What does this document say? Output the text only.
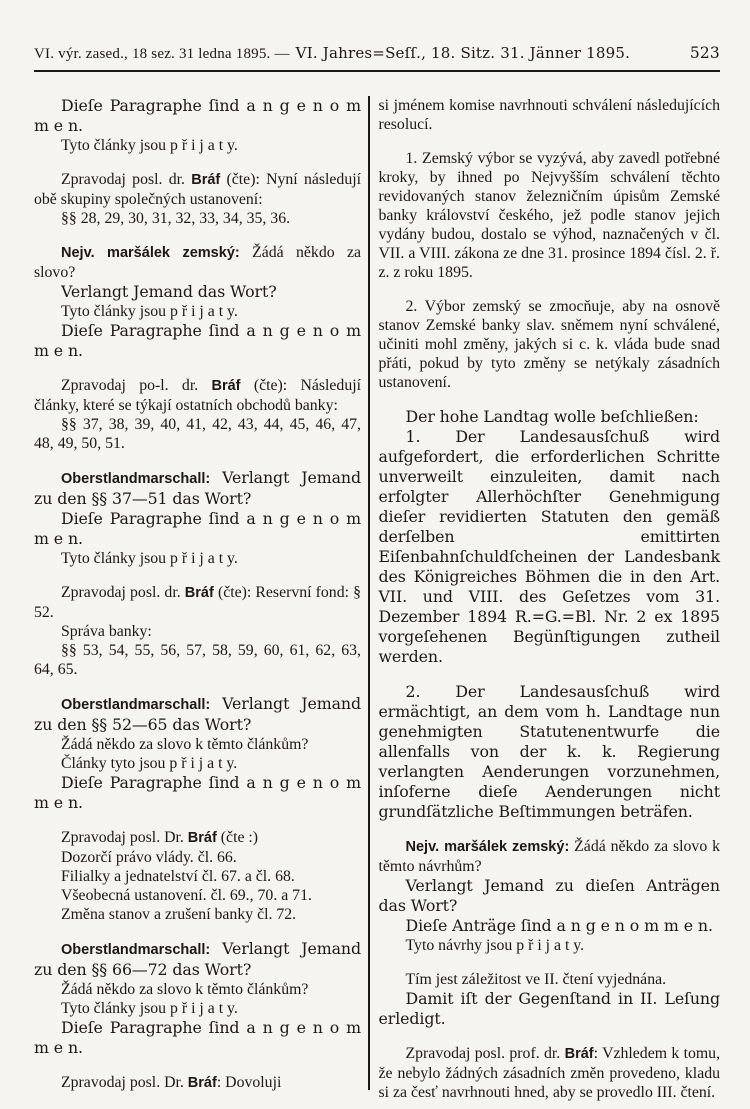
VI. výr. zased., 18 sez. 31 ledna 1895. — VI. Jahres=Seſſ., 18. Sitz. 31. Jänner 1895.	523

Dieſe Paragraphe ſind a n g e n o m m e n.

Tyto články jsou p ř i j a t y.

Zpravodaj posl. dr. Bráf (čte): Nyní následují obě skupiny společných ustanovení:

§§ 28, 29, 30, 31, 32, 33, 34, 35, 36.

Nejv. maršálek zemský: Žádá někdo za slovo?

Verlangt Jemand das Wort?

Tyto články jsou p ř i j a t y.

Dieſe Paragraphe ſind a n g e n o m m e n.

Zpravodaj po-l. dr. Bráf (čte): Následují články, které se týkají ostatních obchodů banky:

§§ 37, 38, 39, 40, 41, 42, 43, 44, 45, 46, 47, 48, 49, 50, 51.

Oberstlandmarschall: Verlangt Jemand zu den §§ 37—51 das Wort?

Dieſe Paragraphe ſind a n g e n o m m e n.

Tyto články jsou p ř i j a t y.

Zpravodaj posl. dr. Bráf (čte): Reservní fond: § 52.

Správa banky:

§§ 53, 54, 55, 56, 57, 58, 59, 60, 61, 62, 63, 64, 65.

Oberstlandmarschall: Verlangt Jemand zu den §§ 52—65 das Wort?

Žádá někdo za slovo k těmto článkům?

Články tyto jsou p ř i j a t y.

Dieſe Paragraphe ſind a n g e n o m m e n.

Zpravodaj posl. Dr. Bráf (čte :)

Dozorčí právo vlády. čl. 66.

Filialky a jednatelství čl. 67. a čl. 68.

Všeobecná ustanovení. čl. 69., 70. a 71.

Změna stanov a zrušení banky čl. 72.

Oberstlandmarschall: Verlangt Jemand zu den §§ 66—72 das Wort?

Žádá někdo za slovo k těmto článkům?

Tyto články jsou p ř i j a t y.

Dieſe Paragraphe ſind a n g e n o m m e n.

Zpravodaj posl. Dr. Bráf: Dovoluji

si jménem komise navrhnouti schválení následujících resolucí.

1. Zemský výbor se vyzývá, aby zavedl potřebné kroky, by ihned po Nejvyšším schválení těchto revidovaných stanov železničním úpisům Zemské banky království českého, jež podle stanov jejich vydány budou, dostalo se výhod, naznačených v čl. VII. a VIII. zákona ze dne 31. prosince 1894 čísl. 2. ř. z. z roku 1895.

2. Výbor zemský se zmocňuje, aby na osnově stanov Zemské banky slav. sněmem nyní schválené, učiniti mohl změny, jakých si c. k. vláda bude snad přáti, pokud by tyto změny se netýkaly zásadních ustanovení.

Der hohe Landtag wolle beſchließen:

1. Der Landesausſchuß wird aufgefordert, die erforderlichen Schritte unverweilt einzuleiten, damit nach erfolgter Allerhöchſter Genehmigung dieſer revidierten Statuten den gemäß derſelben emittirten Eiſenbahnſchuldſcheinen der Landesbank des Königreiches Böhmen die in den Art. VII. und VIII. des Geſetzes vom 31. Dezember 1894 R.=G.=Bl. Nr. 2 ex 1895 vorgeſehenen Begünſtigungen zutheil werden.

2. Der Landesausſchuß wird ermächtigt, an dem vom h. Landtage nun genehmigten Statutenentwurfe die allenfalls von der k. k. Regierung verlangten Aenderungen vorzunehmen, inſoferne dieſe Aenderungen nicht grundſätzliche Beſtimmungen beträfen.

Nejv. maršálek zemský: Žádá někdo za slovo k těmto návrhům?

Verlangt Jemand zu dieſen Anträgen das Wort?

Dieſe Anträge ſind a n g e n o m m e n.

Tyto návrhy jsou p ř i j a t y.

Tím jest záležitost ve II. čtení vyjednána.

Damit iſt der Gegenſtand in II. Leſung erledigt.

Zpravodaj posl. prof. dr. Bráf: Vzhledem k tomu, že nebylo žádných zásadních změn provedeno, kladu si za česť navrhnouti hned, aby se provedlo III. čtení.
